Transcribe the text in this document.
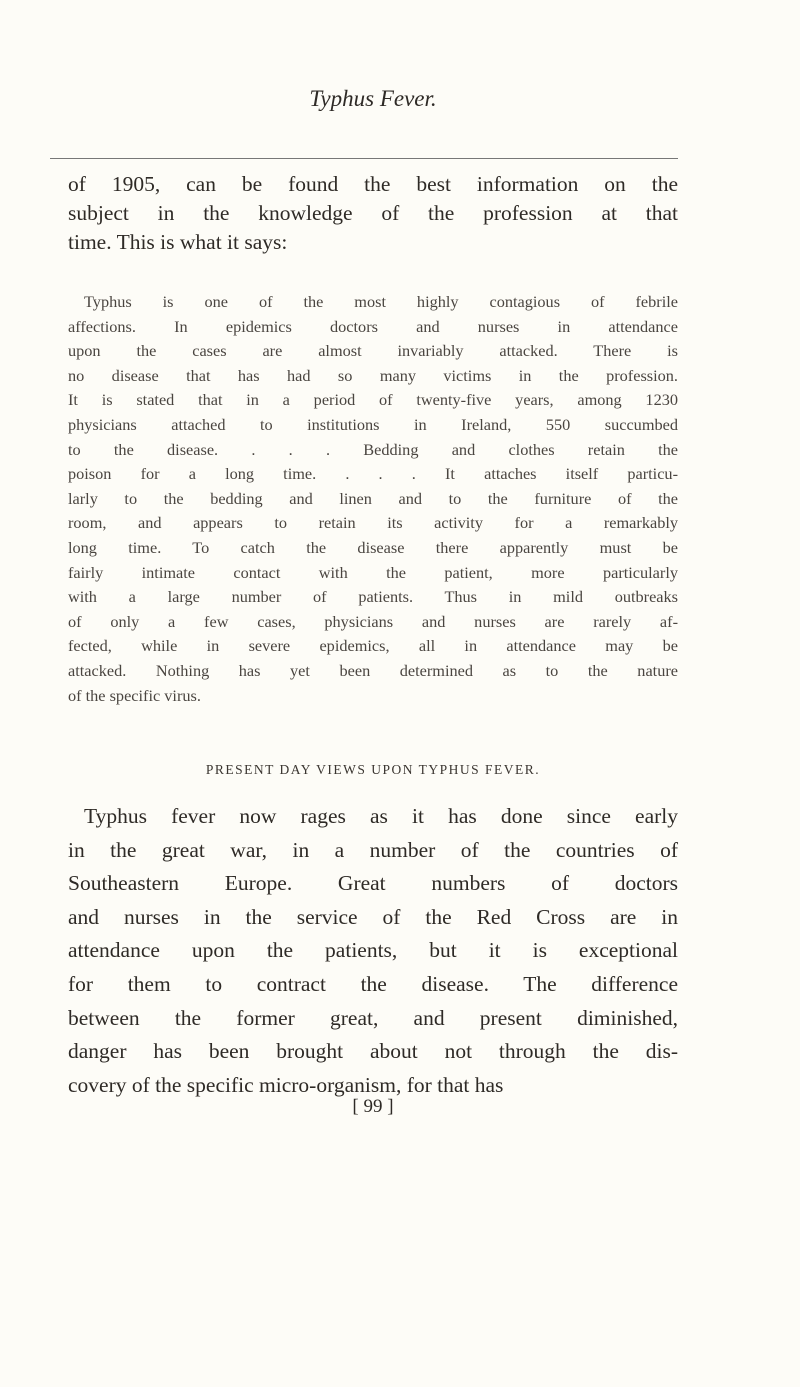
Typhus Fever.
of 1905, can be found the best information on the
subject in the knowledge of the profession at that
time. This is what it says:
Typhus is one of the most highly contagious of febrile
affections. In epidemics doctors and nurses in attendance
upon the cases are almost invariably attacked. There is
no disease that has had so many victims in the profession.
It is stated that in a period of twenty-five years, among 1230
physicians attached to institutions in Ireland, 550 succumbed
to the disease. . . . Bedding and clothes retain the
poison for a long time. . . . It attaches itself particu-
larly to the bedding and linen and to the furniture of the
room, and appears to retain its activity for a remarkably
long time. To catch the disease there apparently must be
fairly intimate contact with the patient, more particularly
with a large number of patients. Thus in mild outbreaks
of only a few cases, physicians and nurses are rarely af-
fected, while in severe epidemics, all in attendance may be
attacked. Nothing has yet been determined as to the nature
of the specific virus.
PRESENT DAY VIEWS UPON TYPHUS FEVER.
Typhus fever now rages as it has done since early
in the great war, in a number of the countries of
Southeastern Europe. Great numbers of doctors
and nurses in the service of the Red Cross are in
attendance upon the patients, but it is exceptional
for them to contract the disease. The difference
between the former great, and present diminished,
danger has been brought about not through the dis-
covery of the specific micro-organism, for that has
[ 99 ]
